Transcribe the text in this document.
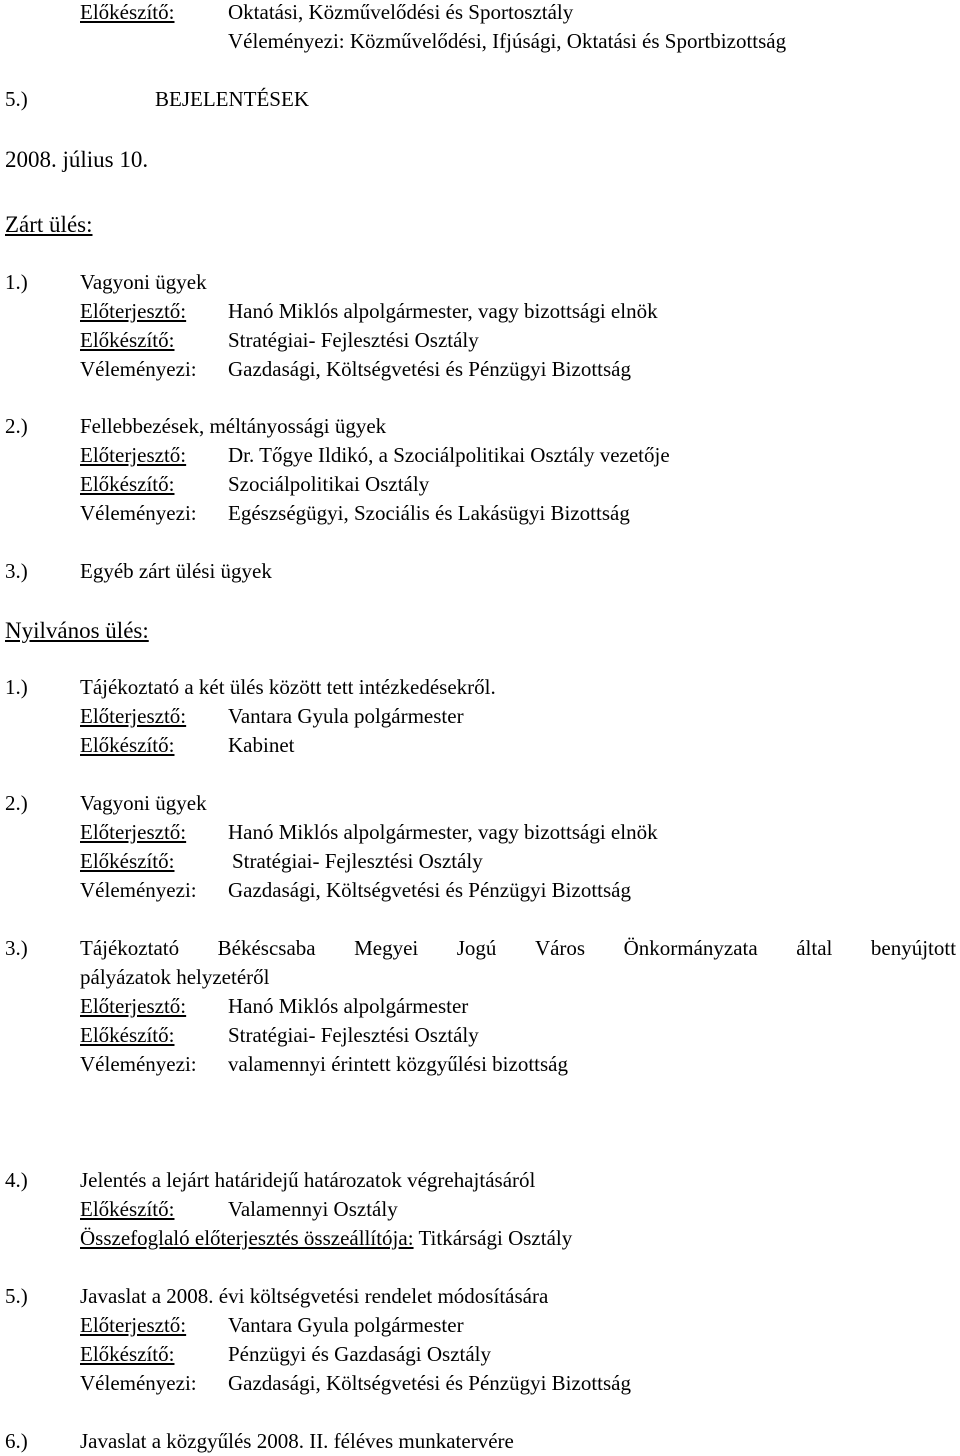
Előkészítő:	Oktatási, Közművelődési és Sportosztály
Véleményezi: Közművelődési, Ifjúsági, Oktatási és Sportbizottság
5.)	BEJELENTÉSEK
2008. július 10.
Zárt ülés:
1.) Vagyoni ügyek
Előterjesztő: Hanó Miklós alpolgármester, vagy bizottsági elnök
Előkészítő:	Stratégiai- Fejlesztési Osztály
Véleményezi: Gazdasági, Költségvetési és Pénzügyi Bizottság
2.) Fellebbezések, méltányossági ügyek
Előterjesztő: Dr. Tőgye Ildikó, a Szociálpolitikai Osztály vezetője
Előkészítő:	Szociálpolitikai Osztály
Véleményezi: Egészségügyi, Szociális és Lakásügyi Bizottság
3.) Egyéb zárt ülési ügyek
Nyilvános ülés:
1.) Tájékoztató a két ülés között tett intézkedésekről.
Előterjesztő: Vantara Gyula polgármester
Előkészítő:	Kabinet
2.) Vagyoni ügyek
Előterjesztő: Hanó Miklós alpolgármester, vagy bizottsági elnök
Előkészítő:	Stratégiai- Fejlesztési Osztály
Véleményezi: Gazdasági, Költségvetési és Pénzügyi Bizottság
3.) Tájékoztató Békéscsaba Megyei Jogú Város Önkormányzata által benyújtott
pályázatok helyzetéről
Előterjesztő: Hanó Miklós alpolgármester
Előkészítő:	Stratégiai- Fejlesztési Osztály
Véleményezi: valamennyi érintett közgyűlési bizottság
4.) Jelentés a lejárt határidejű határozatok végrehajtásáról
Előkészítő:	Valamennyi Osztály
Összefoglaló előterjesztés összeállítója: Titkársági Osztály
5.) Javaslat a 2008. évi költségvetési rendelet módosítására
Előterjesztő: Vantara Gyula polgármester
Előkészítő:	Pénzügyi és Gazdasági Osztály
Véleményezi: Gazdasági, Költségvetési és Pénzügyi Bizottság
6.) Javaslat a közgyűlés 2008. II. féléves munkatervére
